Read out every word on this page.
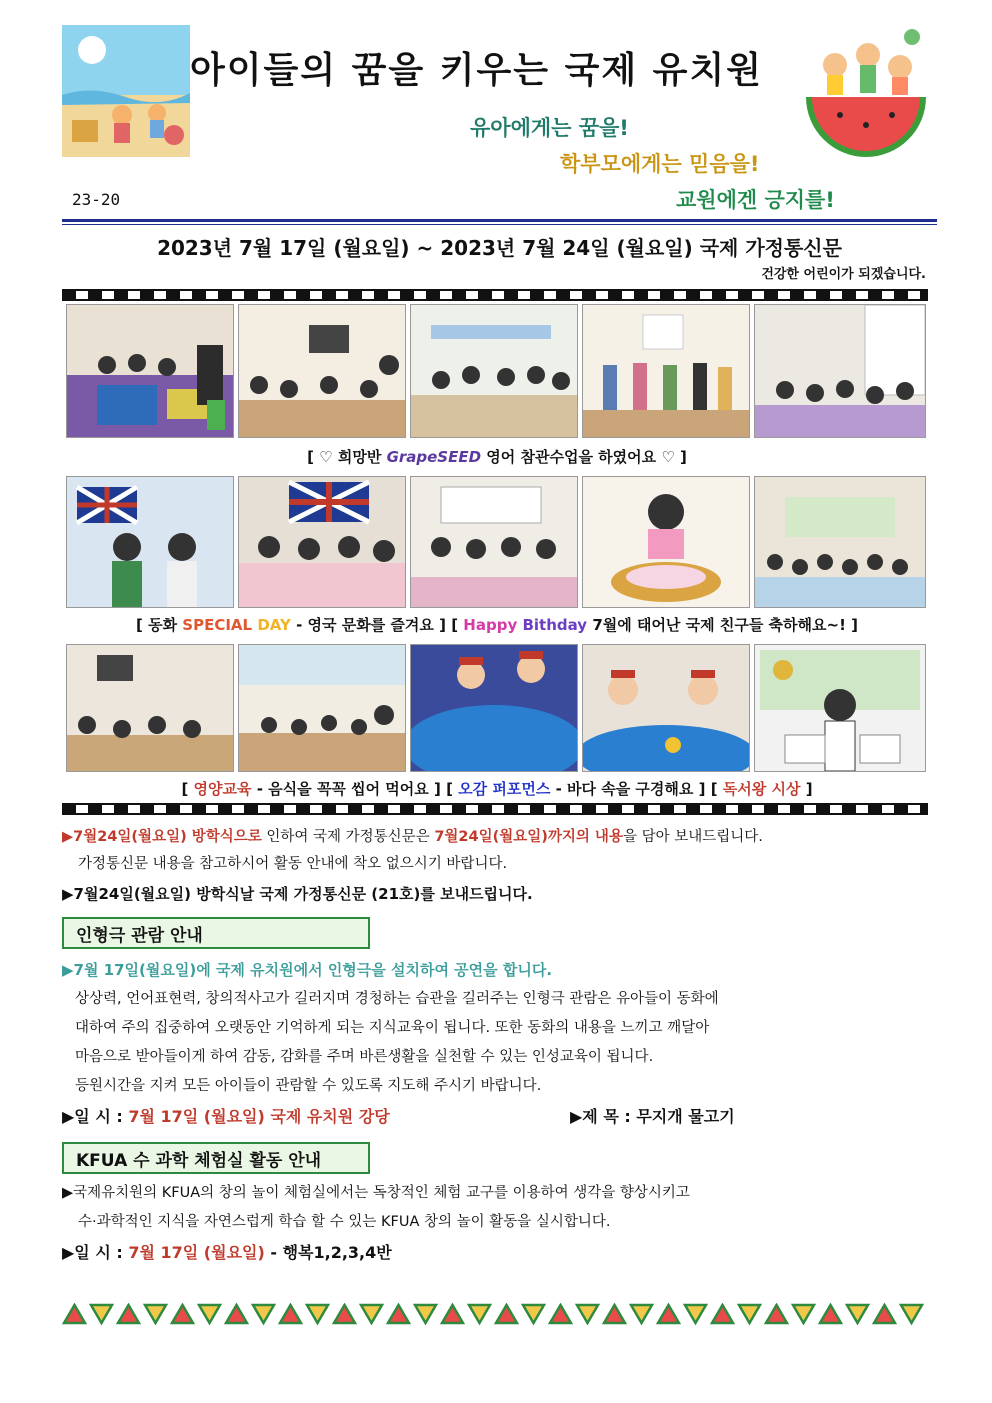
아이들의 꿈을 키우는 국제 유치원
유아에게는 꿈을!
학부모에게는 믿음을!
교원에겐 긍지를!
23-20
2023년 7월 17일 (월요일) ~ 2023년 7월 24일 (월요일) 국제 가정통신문
건강한 어린이가 되겠습니다.
[ ♡ 희망반 GrapeSEED 영어 참관수업을 하였어요 ♡ ]
[ 동화 SPECIAL DAY - 영국 문화를 즐겨요 ] [ Happy Bithday 7월에 태어난 국제 친구들 축하해요~! ]
[ 영양교육 - 음식을 꼭꼭 씹어 먹어요 ] [ 오감 퍼포먼스 - 바다 속을 구경해요 ] [ 독서왕 시상 ]
▶7월24일(월요일) 방학식으로 인하여 국제 가정통신문은 7월24일(월요일)까지의 내용을 담아 보내드립니다.
가정통신문 내용을 참고하시어 활동 안내에 착오 없으시기 바랍니다.
▶7월24일(월요일) 방학식날 국제 가정통신문 (21호)를 보내드립니다.
인형극 관람 안내
▶7월 17일(월요일)에 국제 유치원에서 인형극을 설치하여 공연을 합니다.
상상력, 언어표현력, 창의적사고가 길러지며 경청하는 습관을 길러주는 인형극 관람은 유아들이 동화에
대하여 주의 집중하여 오랫동안 기억하게 되는 지식교육이 됩니다. 또한 동화의 내용을 느끼고 깨달아
마음으로 받아들이게 하여 감동, 감화를 주며 바른생활을 실천할 수 있는 인성교육이 됩니다.
등원시간을 지켜 모든 아이들이 관람할 수 있도록 지도해 주시기 바랍니다.
▶일 시 : 7월 17일 (월요일) 국제 유치원 강당	▶제 목 : 무지개 물고기
KFUA 수 과학 체험실 활동 안내
▶국제유치원의 KFUA의 창의 놀이 체험실에서는 독창적인 체험 교구를 이용하여 생각을 향상시키고
수·과학적인 지식을 자연스럽게 학습 할 수 있는 KFUA 창의 놀이 활동을 실시합니다.
▶일 시 : 7월 17일 (월요일) - 행복1,2,3,4반
